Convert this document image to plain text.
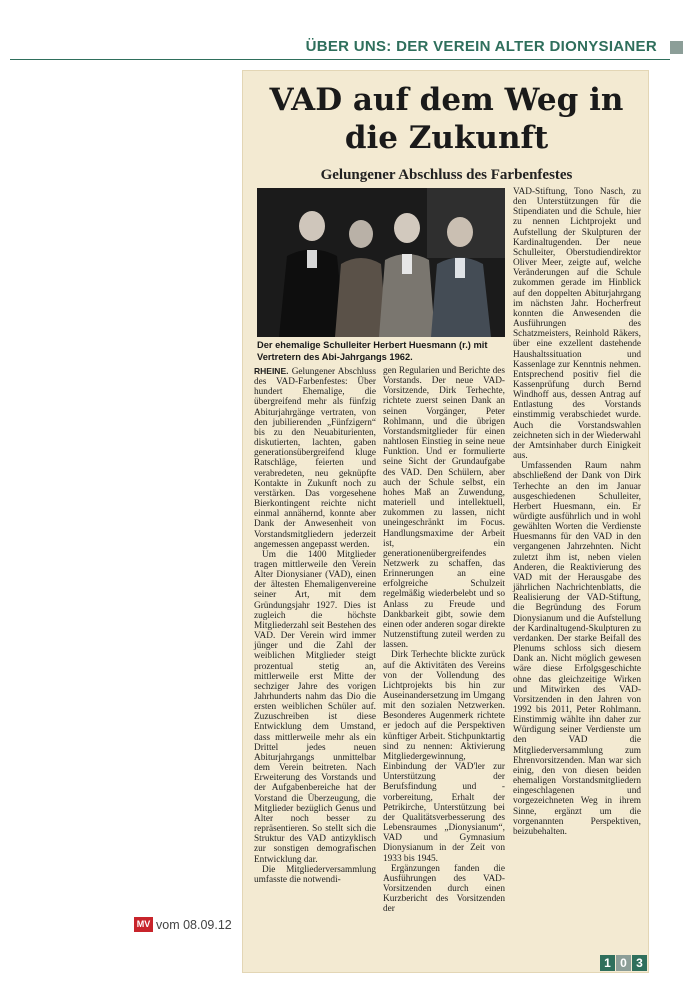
ÜBER UNS: DER VEREIN ALTER DIONYSIANER
VAD auf dem Weg in die Zukunft
Gelungener Abschluss des Farbenfestes
Der ehemalige Schulleiter Herbert Huesmann (r.) mit Vertretern des Abi-Jahrgangs 1962.

RHEINE. Gelungener Abschluss des VAD-Farbenfestes: Über hundert Ehemalige, die übergreifend mehr als fünfzig Abiturjahrgänge vertraten, von den jubilierenden „Fünfzigern“ bis zu den Neuabiturienten, diskutierten, lachten, gaben generationsübergreifend kluge Ratschläge, feierten und verabredeten, neu geknüpfte Kontakte in Zukunft noch zu verstärken. Das vorgesehene Bierkontingent reichte nicht einmal annähernd, konnte aber Dank der Anwesenheit von Vorstandsmitgliedern jederzeit angemessen angepasst werden.

Um die 1400 Mitglieder tragen mittlerweile den Verein Alter Dionysianer (VAD), einen der ältesten Ehemaligenvereine seiner Art, mit dem Gründungsjahr 1927. Dies ist zugleich die höchste Mitgliederzahl seit Bestehen des VAD. Der Verein wird immer jünger und die Zahl der weiblichen Mitglieder steigt prozentual stetig an, mittlerweile erst Mitte der sechziger Jahre des vorigen Jahrhunderts nahm das Dio die ersten weiblichen Schüler auf. Zuzuschreiben ist diese Entwicklung dem Umstand, dass mittlerweile mehr als ein Drittel jedes neuen Abiturjahrgangs unmittelbar dem Verein beitreten. Nach Erweiterung des Vorstands und der Aufgabenbereiche hat der Vorstand die Überzeugung, die Mitglieder bezüglich Genus und Alter noch besser zu repräsentieren. So stellt sich die Struktur des VAD antizyklisch zur sonstigen demografischen Entwicklung dar.

Die Mitgliederversammlung umfasste die notwendi-

gen Regularien und Berichte des Vorstands. Der neue VAD-Vorsitzende, Dirk Terhechte, richtete zuerst seinen Dank an seinen Vorgänger, Peter Rohlmann, und die übrigen Vorstandsmitglieder für einen nahtlosen Einstieg in seine neue Funktion. Und er formulierte seine Sicht der Grundaufgabe des VAD. Den Schülern, aber auch der Schule selbst, ein hohes Maß an Zuwendung, materiell und intellektuell, zukommen zu lassen, nicht uneingeschränkt im Focus. Handlungsmaxime der Arbeit ist, ein generationenübergreifendes Netzwerk zu schaffen, das Erinnerungen an eine erfolgreiche Schulzeit regelmäßig wiederbelebt und so Anlass zu Freude und Dankbarkeit gibt, sowie dem einen oder anderen sogar direkte Nutzenstiftung zuteil werden zu lassen.

Dirk Terhechte blickte zurück auf die Aktivitäten des Vereins von der Vollendung des Lichtprojekts bis hin zur Auseinandersetzung im Umgang mit den sozialen Netzwerken. Besonderes Augenmerk richtete er jedoch auf die Perspektiven künftiger Arbeit. Stichpunktartig sind zu nennen: Aktivierung Mitgliedergewinnung, Einbindung der VAD'ler zur Unterstützung der Berufsfindung und -vorbereitung, Erhalt der Petrikirche, Unterstützung bei der Qualitätsverbesserung des Lebensraumes „Dionysianum“, VAD und Gymnasium Dionysianum in der Zeit von 1933 bis 1945.

Ergänzungen fanden die Ausführungen des VAD-Vorsitzenden durch einen Kurzbericht des Vorsitzenden der

VAD-Stiftung, Tono Nasch, zu den Unterstützungen für die Stipendiaten und die Schule, hier zu nennen Lichtprojekt und Aufstellung der Skulpturen der Kardinaltugenden. Der neue Schulleiter, Oberstudiendirektor Oliver Meer, zeigte auf, welche Veränderungen auf die Schule zukommen gerade im Hinblick auf den doppelten Abiturjahrgang im nächsten Jahr. Hocherfreut konnten die Anwesenden die Ausführungen des Schatzmeisters, Reinhold Räkers, über eine exzellent dastehende Haushaltssituation und Kassenlage zur Kenntnis nehmen. Entsprechend positiv fiel die Kassenprüfung durch Bernd Windhoff aus, dessen Antrag auf Entlastung des Vorstands einstimmig verabschiedet wurde. Auch die Vorstandswahlen zeichneten sich in der Wiederwahl der Amtsinhaber durch Einigkeit aus.

Umfassenden Raum nahm abschließend der Dank von Dirk Terhechte an den im Januar ausgeschiedenen Schulleiter, Herbert Huesmann, ein. Er würdigte ausführlich und in wohl gewählten Worten die Verdienste Huesmanns für den VAD in den vergangenen Jahrzehnten. Nicht zuletzt ihm ist, neben vielen Anderen, die Reaktivierung des VAD mit der Herausgabe des jährlichen Nachrichtenblatts, die Realisierung der VAD-Stiftung, die Begründung des Forum Dionysianum und die Aufstellung der Kardinaltugend-Skulpturen zu verdanken. Der starke Beifall des Plenums schloss sich diesem Dank an. Nicht möglich gewesen wäre diese Erfolgsgeschichte ohne das gleichzeitige Wirken und Mitwirken des VAD-Vorsitzenden in den Jahren von 1992 bis 2011, Peter Rohlmann. Einstimmig wählte ihn daher zur Würdigung seiner Verdienste um den VAD die Mitgliederversammlung zum Ehrenvorsitzenden. Man war sich einig, den von diesen beiden ehemaligen Vorstandsmitgliedern eingeschlagenen und vorgezeichneten Weg in ihrem Sinne, ergänzt um die vorgenannten Perspektiven, beizubehalten.

MV vom 08.09.12
1 0 3
